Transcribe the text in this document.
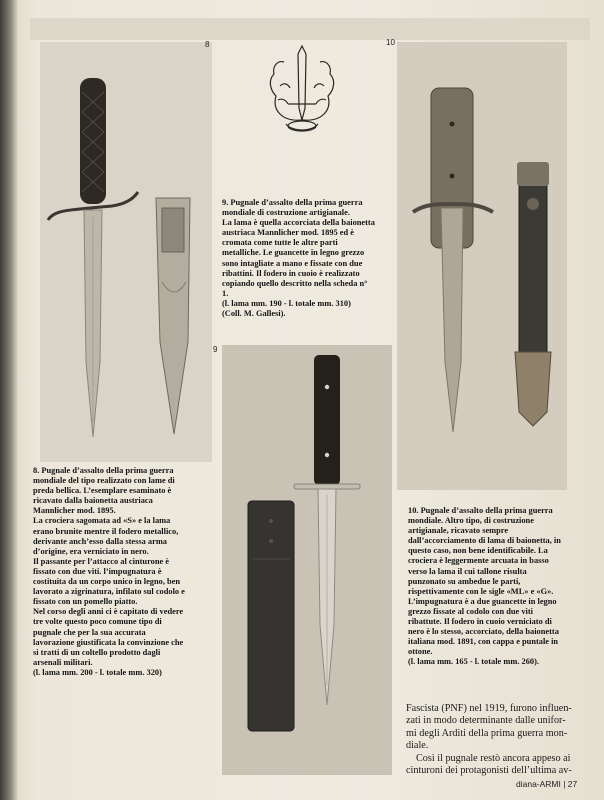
8

9. Pugnale d’assalto della prima guerra

mondiale di costruzione artigianale.

La lama è quella accorciata della baionetta

austriaca Mannlicher mod. 1895 ed è

cromata come tutte le altre parti

metalliche. Le guancette in legno grezzo

sono intagliate a mano e fissate con due

ribattini. Il fodero in cuoio è realizzato

copiando quello descritto nella scheda n°

1.

(l. lama mm. 190 - l. totale mm. 310)

(Coll. M. Gallesi).

10

8. Pugnale d’assalto della prima guerra

mondiale del tipo realizzato con lame di

preda bellica. L’esemplare esaminato è

ricavato dalla baionetta austriaca

Mannlicher mod. 1895.

La crociera sagomata ad «S» e la lama

erano brunite mentre il fodero metallico,

derivante anch’esso dalla stessa arma

d’origine, era verniciato in nero.

Il passante per l’attacco al cinturone è

fissato con due viti. l’impugnatura è

costituita da un corpo unico in legno, ben

lavorato a zigrinatura, infilato sul codolo e

fissato con un pomello piatto.

Nel corso degli anni ci è capitato di vedere

tre volte questo poco comune tipo di

pugnale che per la sua accurata

lavorazione giustificata la convinzione che

si tratti di un coltello prodotto dagli

arsenali militari.

(l. lama mm. 200 - l. totale mm. 320)

9

10. Pugnale d’assalto della prima guerra

mondiale. Altro tipo, di costruzione

artigianale, ricavato sempre

dall’accorciamento di lama di baionetta, in

questo caso, non bene identificabile. La

crociera è leggermente arcuata in basso

verso la lama il cui tallone risulta

punzonato su ambedue le parti,

rispettivamente con le sigle «ML» e «G».

L’impugnatura è a due guancette in legno

grezzo fissate al codolo con due viti

ribattute. Il fodero in cuoio verniciato di

nero è lo stesso, accorciato, della baionetta

italiana mod. 1891, con cappa e puntale in

ottone.

(l. lama mm. 165 - l. totale mm. 260).

Fascista (PNF) nel 1919, furono influen-

zati in modo determinante dalle unifor-

mi degli Arditi della prima guerra mon-

diale.

Così il pugnale restò ancora appeso ai

cinturoni dei protagonisti dell’ultima av-

diana-ARMI | 27
